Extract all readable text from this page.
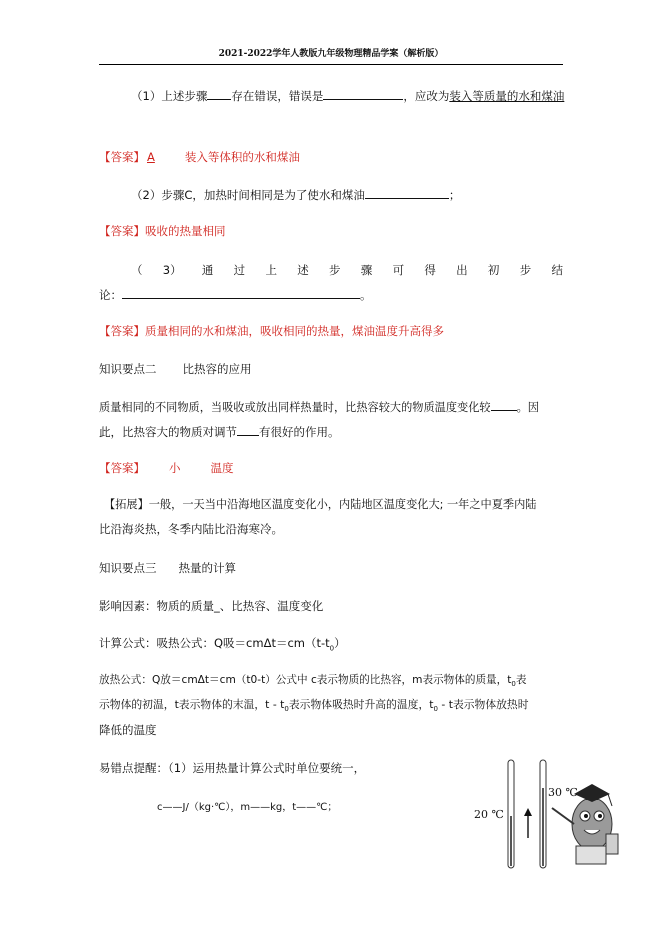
2021-2022学年人教版九年级物理精品学案（解析版）
（1）上述步骤 存在错误，错误是	，应改为装入等质量的水和煤油
【答案】 A	装入等体积的水和煤油
（2）步骤C，加热时间相同是为了使水和煤油	；
【答案】吸收的热量相同
（ 3） 通 过 上 述 步 骤 可 得 出 初 步 结
论：	。
【答案】质量相同的水和煤油，吸收相同的热量，煤油温度升高得多
知识要点二 比热容的应用
质量相同的不同物质，当吸收或放出同样热量时，比热容较大的物质温度变化较 。因
此，比热容大的物质对调节 有很好的作用。
【答案】 小	温度
【拓展】一般，一天当中沿海地区温度变化小，内陆地区温度变化大; 一年之中夏季内陆
比沿海炎热，冬季内陆比沿海寒冷。
知识要点三 热量的计算
影响因素：物质的质量_、比热容、温度变化
计算公式：吸热公式：Q吸$=cm\Delta t=cm(t-t_0)$
放热公式：Q放＝cmΔt＝cm（t0-t）公式中 c表示物质的比热容，m表示物体的质量，$t_0$表
示物体的初温，t表示物体的末温，t - $t_0$表示物体吸热时升高的温度，$t_0$ - t表示物体放热时
降低的温度
易错点提醒：（1）运用热量计算公式时单位要统一，
c——J/（kg·℃），m——kg，t——℃；
20 ℃
30 ℃
